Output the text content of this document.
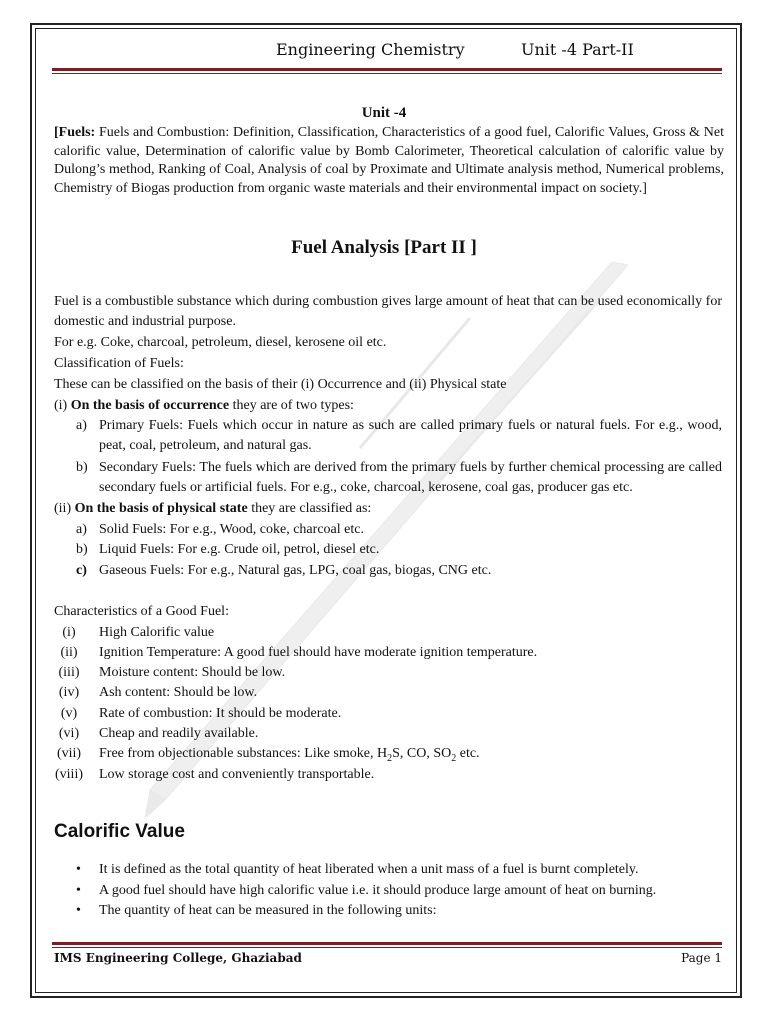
Engineering Chemistry	Unit -4 Part-II
Unit -4
[Fuels: Fuels and Combustion: Definition, Classification, Characteristics of a good fuel, Calorific Values, Gross & Net calorific value, Determination of calorific value by Bomb Calorimeter, Theoretical calculation of calorific value by Dulong’s method, Ranking of Coal, Analysis of coal by Proximate and Ultimate analysis method, Numerical problems, Chemistry of Biogas production from organic waste materials and their environmental impact on society.]
Fuel Analysis [Part II ]

Fuel is a combustible substance which during combustion gives large amount of heat that can be used economically for domestic and industrial purpose.

For e.g. Coke, charcoal, petroleum, diesel, kerosene oil etc.

Classification of Fuels:

These can be classified on the basis of their (i) Occurrence and (ii) Physical state

(i) On the basis of occurrence they are of two types:

a) Primary Fuels: Fuels which occur in nature as such are called primary fuels or natural fuels. For e.g., wood, peat, coal, petroleum, and natural gas.
b) Secondary Fuels: The fuels which are derived from the primary fuels by further chemical processing are called secondary fuels or artificial fuels. For e.g., coke, charcoal, kerosene, coal gas, producer gas etc.

(ii) On the basis of physical state they are classified as:

a) Solid Fuels: For e.g., Wood, coke, charcoal etc.
b) Liquid Fuels: For e.g. Crude oil, petrol, diesel etc.
c) Gaseous Fuels: For e.g., Natural gas, LPG, coal gas, biogas, CNG etc.

Characteristics of a Good Fuel:

(i)	High Calorific value
(ii)	Ignition Temperature: A good fuel should have moderate ignition temperature.
(iii)	Moisture content: Should be low.
(iv)	Ash content: Should be low.
(v)	Rate of combustion: It should be moderate.
(vi)	Cheap and readily available.
(vii)	Free from objectionable substances: Like smoke, $H_2S$, CO, $SO_2$ etc.
(viii)	Low storage cost and conveniently transportable.
Calorific Value
• It is defined as the total quantity of heat liberated when a unit mass of a fuel is burnt completely.
• A good fuel should have high calorific value i.e. it should produce large amount of heat on burning.
• The quantity of heat can be measured in the following units:
IMS Engineering College, Ghaziabad	Page 1
